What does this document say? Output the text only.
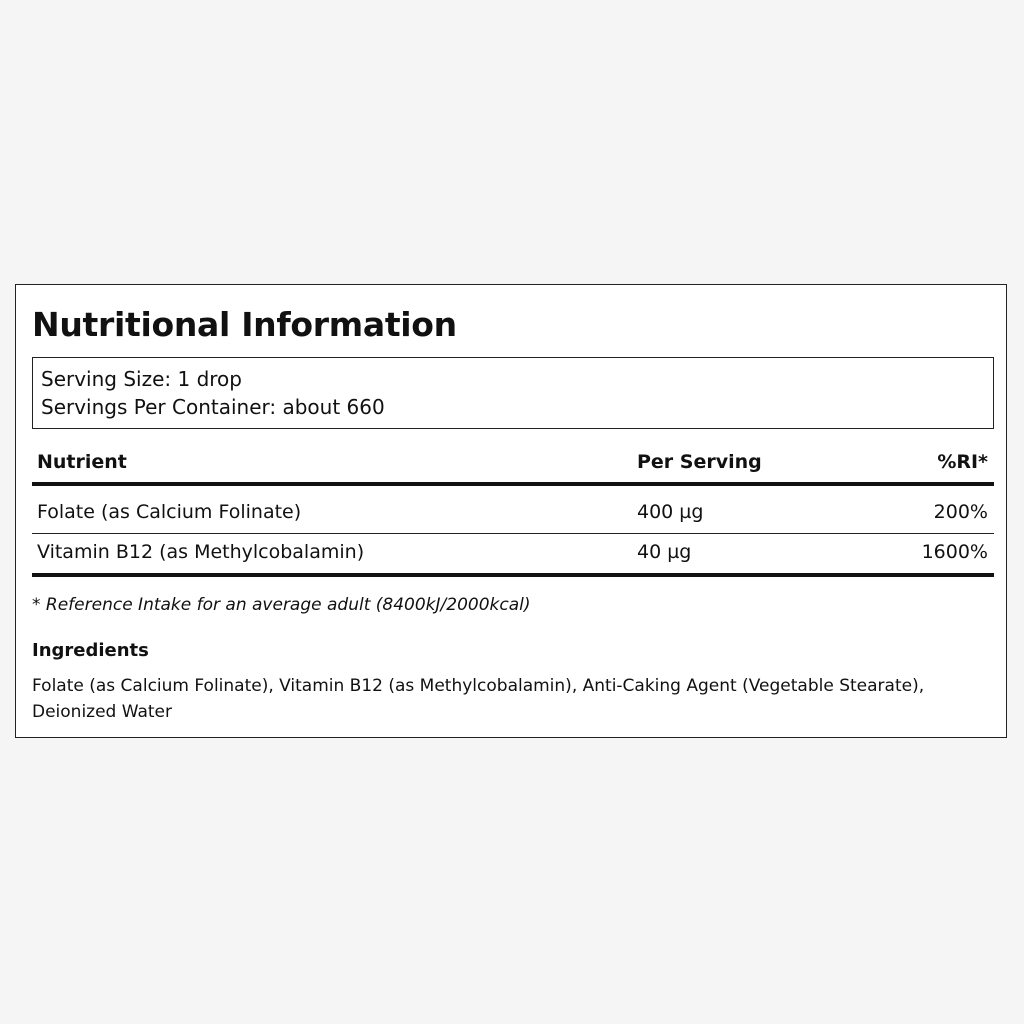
Nutritional Information
Serving Size: 1 drop
Servings Per Container: about 660
Nutrient	Per Serving	%RI*
Folate (as Calcium Folinate)	400 µg	200%
Vitamin B12 (as Methylcobalamin)	40 µg	1600%
* Reference Intake for an average adult (8400kJ/2000kcal)
Ingredients
Folate (as Calcium Folinate), Vitamin B12 (as Methylcobalamin), Anti-Caking Agent (Vegetable Stearate), Deionized Water
